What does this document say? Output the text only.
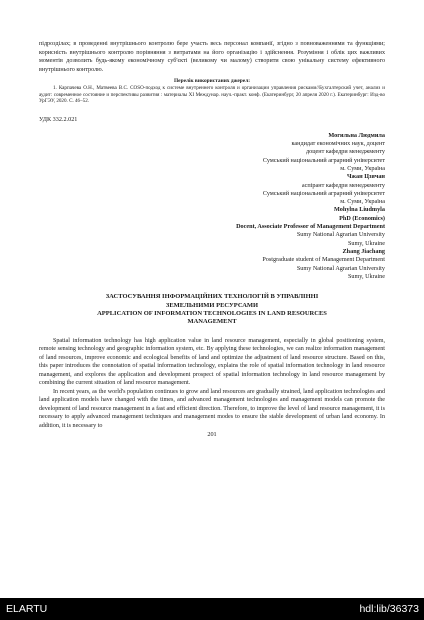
підрозділах; в проведенні внутрішнього контролю бере участь весь персонал компанії, згідно з повноваженнями та функціями; корисність внутрішнього контролю порівняння з витратами на його організацію і здійснення. Розуміння і облік цих важливих моментів дозволить будь-якому економічному суб'єкті (великому чи малому) створити свою унікальну систему ефективного внутрішнього контролю.

Перелік використаних джерел:

1. Карпачева О.Н., Матвеева В.С. COSO-подход к системе внутреннего контроля и организации управления рисками//Бухгалтерский учет, анализ и аудит: современное состояние и перспективы развития : материалы XI Междунар. науч.-практ. конф. (Екатеринбург, 20 апреля 2020 г.). Екатеринбург: Изд-во УрГЭУ, 2020. С. 46–52.

УДК 332.2.021
Могильна Людмила
кандидат економічних наук, доцент
доцент кафедри менеджменту
Сумський національний аграрний університет
м. Суми, Україна
Чжан Цзячан
аспірант кафедри менеджменту
Сумський національний аграрний університет
м. Суми, Україна
Mohylna Liudmyla
PhD (Economics)
Docent, Associate Professor of Management Department
Sumy National Agrarian University
Sumy, Ukraine
Zhang Jiachang
Postgraduate student of Management Department
Sumy National Agrarian University
Sumy, Ukraine
ЗАСТОСУВАННЯ ІНФОРМАЦІЙНИХ ТЕХНОЛОГІЙ В УПРАВЛІННІ
ЗЕМЕЛЬНИМИ РЕСУРСАМИ
APPLICATION OF INFORMATION TECHNOLOGIES IN LAND RESOURCES
MANAGEMENT

Spatial information technology has high application value in land resource management, especially in global positioning system, remote sensing technology and geographic information system, etc. By applying these technologies, we can realize information management of land resources, improve economic and ecological benefits of land and optimize the adjustment of land resource structure. Based on this, this paper introduces the connotation of spatial information technology, explains the role of spatial information technology in land resource management, and explores the application and development prospect of spatial information technology in land resource management by combining the current situation of land resource management.

In recent years, as the world's population continues to grow and land resources are gradually strained, land application technologies and land application models have changed with the times, and advanced management technologies and management models can promote the development of land resource management in a fast and efficient direction. Therefore, to improve the level of land resource management, it is necessary to apply advanced management techniques and management modes to ensure the stable development of urban land economy. In addition, it is necessary to

201
ELARTU	hdl:lib/36373
